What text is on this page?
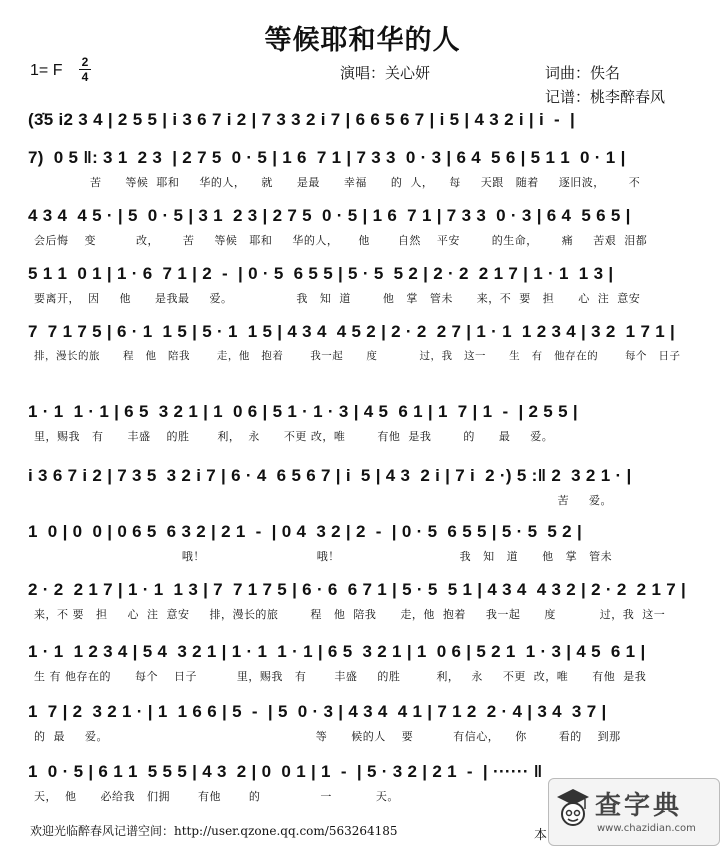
等候耶和华的人
1= F	2
4	演唱：关心妍	词曲：佚名
记谱：桃李醉春风
(3̇5 i2 3 4 | 2 5 5 | i 3 6 7 i 2 | 7 3 3 2 i 7 | 6 6 5 6 7 | i 5 | 4 3 2 i | i  -  |
7)  0 5 ‖: 3 1  2 3  | 2 7 5  0 · 5 | 1 6  7 1 | 7 3 3  0 · 3 | 6 4  5 6 | 5 1 1  0 · 1 |
苦      等候  耶和     华的人，    就      是最      幸福      的  人，    每     天跟   随着     逐旧波，      不
4 3 4  4 5 · | 5  0 · 5 | 3 1  2 3 | 2 7 5  0 · 5 | 1 6  7 1 | 7 3 3  0 · 3 | 6 4  5 6 5 |
会后悔    变          改，      苦     等候   耶和     华的人，     他       自然    平安        的生命，      痛     苦艰  泪都
5 1 1  0 1 | 1 · 6  7 1 | 2  -  | 0 · 5  6 5 5 | 5 · 5  5 2 | 2 · 2  2 1 7 | 1 · 1  1 3 |
要离开，  因     他      是我最     爱。                我   知  道        他   掌   管未      来，不  要   担      心  注  意安
7  7 1 7 5 | 6 · 1  1 5 | 5 · 1  1 5 | 4 3 4  4 5 2 | 2 · 2  2 7 | 1 · 1  1 2 3 4 | 3 2  1 7 1 |
排，漫长的旅      程   他   陪我       走，他   抱着       我一起      度           过，我   这一      生   有   他存在的       每个   日子
1 · 1  1 · 1 | 6 5  3 2 1 | 1  0 6 | 5 1 · 1 · 3 | 4 5  6 1 | 1  7 | 1  -  | 2 5 5 |
里，赐我   有      丰盛    的胜       利，  永      不更 改，唯        有他  是我        的      最     爱。
i 3 6 7 i 2 | 7 3 5  3 2 i 7 | 6 · 4  6 5 6 7 | i  5 | 4 3  2 i | 7 i  2 ·) 5 :‖ 2  3 2 1 · |
苦     爱。
1  0 | 0  0 | 0 6 5  6 3 2 | 2 1  -  | 0 4  3 2 | 2  -  | 0 · 5  6 5 5 | 5 · 5  5 2 |
哦！                            哦！                              我   知   道      他   掌   管未
2 · 2  2 1 7 | 1 · 1  1 3 | 7  7 1 7 5 | 6 · 6  6 7 1 | 5 · 5  5 1 | 4 3 4  4 3 2 | 2 · 2  2 1 7 |
来，不 要   担     心  注  意安     排，漫长的旅        程   他  陪我      走，他  抱着     我一起      度           过，我  这一
1 · 1  1 2 3 4 | 5 4  3 2 1 | 1 · 1  1 · 1 | 6 5  3 2 1 | 1  0 6 | 5 2 1  1 · 3 | 4 5  6 1 |
生 有 他存在的      每个    日子          里，赐我   有       丰盛     的胜         利，   永     不更  改，唯      有他  是我
1  7 | 2  3 2 1 · | 1  1 6 6 | 5  -  | 5  0 · 3 | 4 3 4  4 1 | 7 1 2  2 · 4 | 3 4  3 7 |
的  最     爱。                                                    等      候的人    要          有信心，    你        看的    到那
1  0 · 5 | 6 1 1  5 5 5 | 4 3  2 | 0  0 1 | 1  -  | 5 · 3 2 | 2 1  -  | ······ ‖
天，  他      必给我   们拥       有他       的               一           天。
欢迎光临醉春风记谱空间：http://user.qzone.qq.com/563264185	本
查字典
www.chazidian.com
